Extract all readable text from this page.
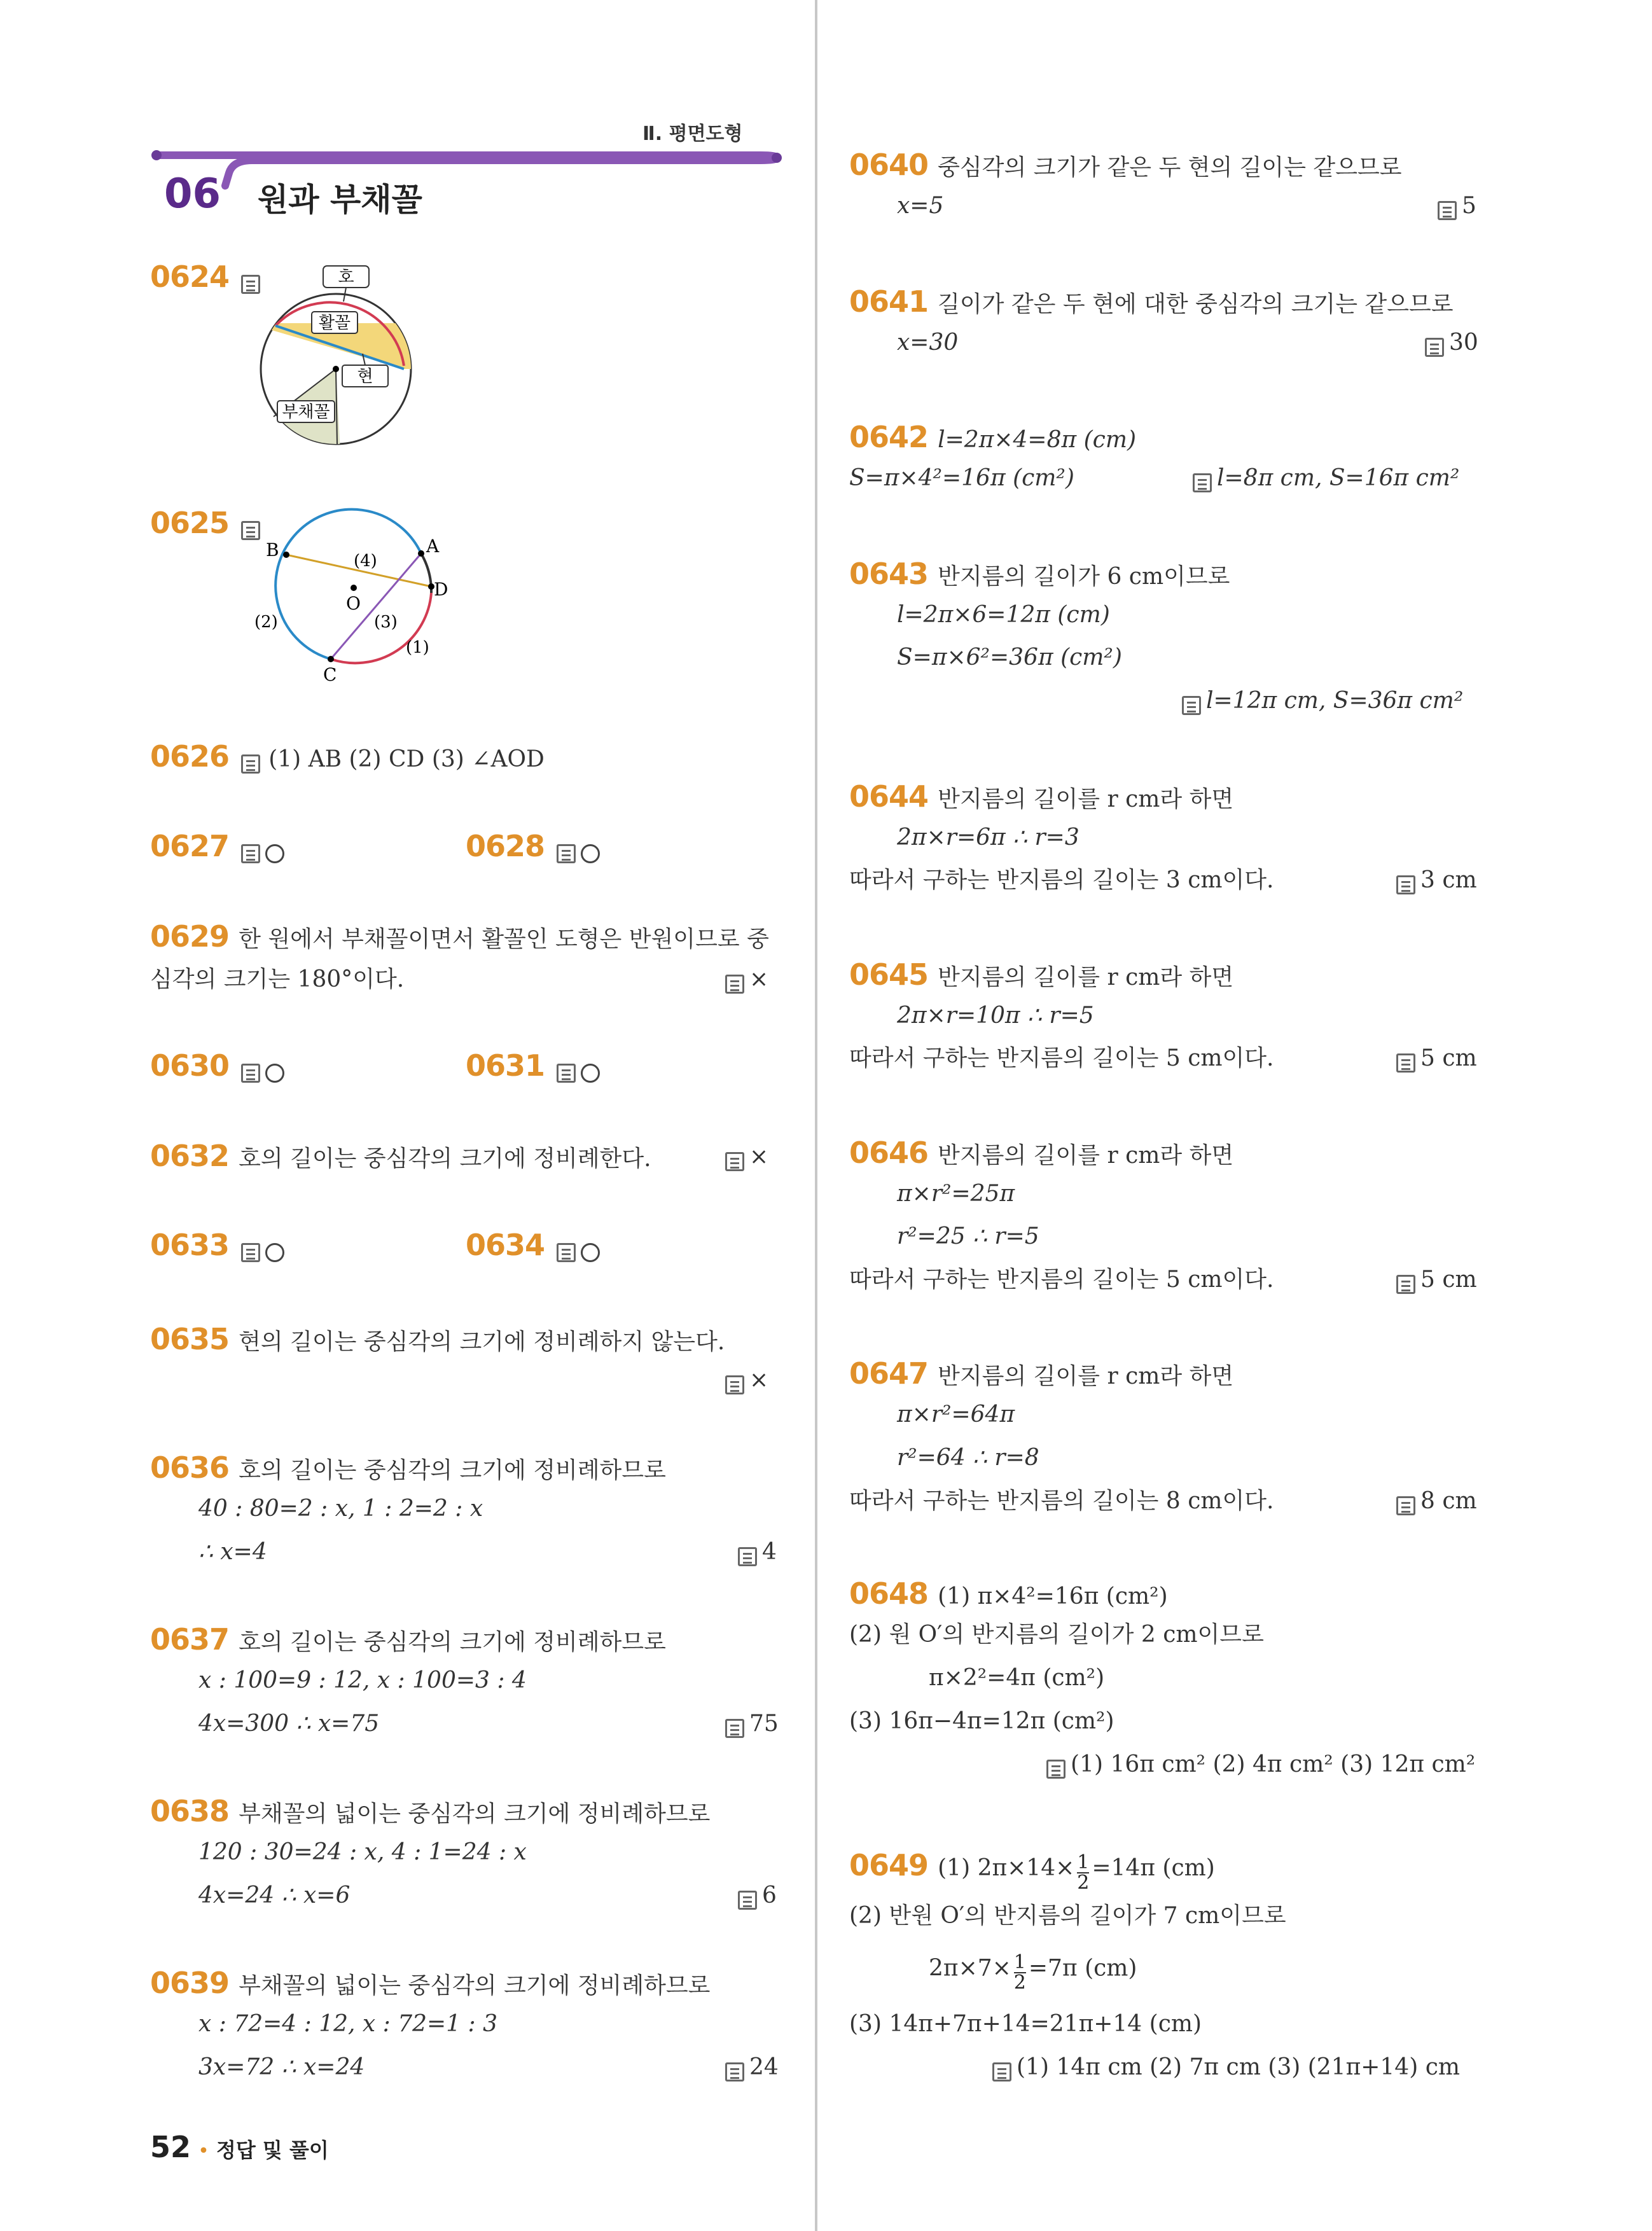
Ⅱ. 평면도형
06 원과 부채꼴
0624	호
활꼴
현
부채꼴
0625
A
B
C
D
O
(1)
(2)	(3)
(4)
0626 (1) AB (2) CD (3) ∠AOD
0627	0628
0629 한 원에서 부채꼴이면서 활꼴인 도형은 반원이므로 중
심각의 크기는 180°이다.	×
0630	0631
0632 호의 길이는 중심각의 크기에 정비례한다.	×
0633	0634
0635 현의 길이는 중심각의 크기에 정비례하지 않는다.
×
0636 호의 길이는 중심각의 크기에 정비례하므로
40 : 80=2 : x, 1 : 2=2 : x
∴ x=4	4
0637 호의 길이는 중심각의 크기에 정비례하므로
x : 100=9 : 12, x : 100=3 : 4
4x=300 ∴ x=75	75
0638 부채꼴의 넓이는 중심각의 크기에 정비례하므로
120 : 30=24 : x, 4 : 1=24 : x
4x=24 ∴ x=6	6
0639 부채꼴의 넓이는 중심각의 크기에 정비례하므로
x : 72=4 : 12, x : 72=1 : 3
3x=72 ∴ x=24	24
52 • 정답 및 풀이
0640 중심각의 크기가 같은 두 현의 길이는 같으므로
x=5	5
0641 길이가 같은 두 현에 대한 중심각의 크기는 같으므로
x=30	30
0642 l=2π×4=8π (cm)
S=π×4²=16π (cm²)	l=8π cm, S=16π cm²
0643 반지름의 길이가 6 cm이므로
l=2π×6=12π (cm)
S=π×6²=36π (cm²)
l=12π cm, S=36π cm²
0644 반지름의 길이를 r cm라 하면
2π×r=6π ∴ r=3
따라서 구하는 반지름의 길이는 3 cm이다.	3 cm
0645 반지름의 길이를 r cm라 하면
2π×r=10π ∴ r=5
따라서 구하는 반지름의 길이는 5 cm이다.	5 cm
0646 반지름의 길이를 r cm라 하면
π×r²=25π
r²=25 ∴ r=5
따라서 구하는 반지름의 길이는 5 cm이다.	5 cm
0647 반지름의 길이를 r cm라 하면
π×r²=64π
r²=64 ∴ r=8
따라서 구하는 반지름의 길이는 8 cm이다.	8 cm
0648 (1) π×4²=16π (cm²)
(2) 원 O′의 반지름의 길이가 2 cm이므로
π×2²=4π (cm²)
(3) 16π−4π=12π (cm²)
(1) 16π cm² (2) 4π cm² (3) 12π cm²
0649 (1) $2\pi\times 14\times \frac{1}{2} =14\pi$ (cm)
(2) 반원 O′의 반지름의 길이가 7 cm이므로
$2\pi\times 7\times \frac{1}{2} =7\pi$ (cm)
(3) 14π+7π+14=21π+14 (cm)
(1) 14π cm (2) 7π cm (3) (21π+14) cm
